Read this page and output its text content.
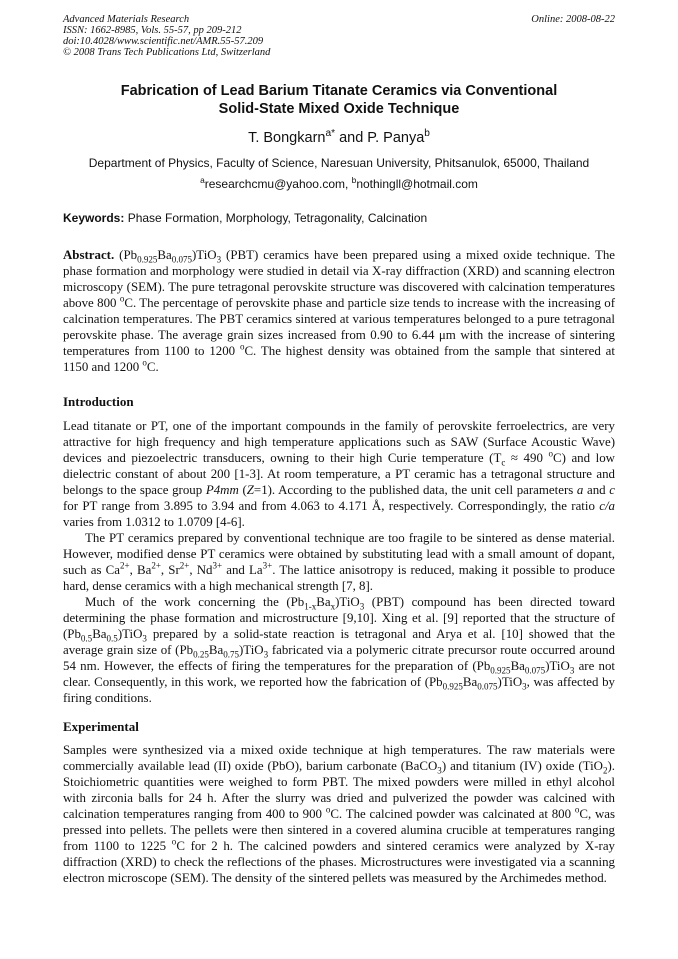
Advanced Materials Research
ISSN: 1662-8985, Vols. 55-57, pp 209-212
doi:10.4028/www.scientific.net/AMR.55-57.209
© 2008 Trans Tech Publications Ltd, Switzerland
Online: 2008-08-22
Fabrication of Lead Barium Titanate Ceramics via Conventional
Solid-State Mixed Oxide Technique
T. Bongkarn$^{a*}$ and P. Panya$^b$
Department of Physics, Faculty of Science, Naresuan University, Phitsanulok, 65000, Thailand
$^a$researchcmu@yahoo.com, $^b$nothingll@hotmail.com
Keywords: Phase Formation, Morphology, Tetragonality, Calcination

Abstract. $(Pb_{0.925}Ba_{0.075})TiO_3$ (PBT) ceramics have been prepared using a mixed oxide technique. The phase formation and morphology were studied in detail via X-ray diffraction (XRD) and scanning electron microscopy (SEM). The pure tetragonal perovskite structure was discovered with calcination temperatures above 800 $^o$C. The percentage of perovskite phase and particle size tends to increase with the increasing of calcination temperatures. The PBT ceramics sintered at various temperatures belonged to a pure tetragonal perovskite phase. The average grain sizes increased from 0.90 to 6.44 μm with the increase of sintering temperatures from 1100 to 1200 $^o$C. The highest density was obtained from the sample that sintered at 1150 and 1200 $^o$C.

Introduction

Lead titanate or PT, one of the important compounds in the family of perovskite ferroelectrics, are very attractive for high frequency and high temperature applications such as SAW (Surface Acoustic Wave) devices and piezoelectric transducers, owning to their high Curie temperature ($T_c \approx 490$ $^o$C) and low dielectric constant of about 200 [1-3]. At room temperature, a PT ceramic has a tetragonal structure and belongs to the space group P4mm (Z=1). According to the published data, the unit cell parameters a and c for PT range from 3.895 to 3.94 and from 4.063 to 4.171 Å, respectively. Correspondingly, the ratio c/a varies from 1.0312 to 1.0709 [4-6].

The PT ceramics prepared by conventional technique are too fragile to be sintered as dense material. However, modified dense PT ceramics were obtained by substituting lead with a small amount of dopant, such as $Ca^{2+}$, $Ba^{2+}$, $Sr^{2+}$, $Nd^{3+}$ and $La^{3+}$. The lattice anisotropy is reduced, making it possible to produce hard, dense ceramics with a high mechanical strength [7, 8].

Much of the work concerning the $(Pb_{1-x}Ba_x)TiO_3$ (PBT) compound has been directed toward determining the phase formation and microstructure [9,10]. Xing et al. [9] reported that the structure of $(Pb_{0.5}Ba_{0.5})TiO_3$ prepared by a solid-state reaction is tetragonal and Arya et al. [10] showed that the average grain size of $(Pb_{0.25}Ba_{0.75})TiO_3$ fabricated via a polymeric citrate precursor route occurred around 54 nm. However, the effects of firing the temperatures for the preparation of $(Pb_{0.925}Ba_{0.075})TiO_3$ are not clear. Consequently, in this work, we reported how the fabrication of $(Pb_{0.925}Ba_{0.075})TiO_3$, was affected by firing conditions.

Experimental

Samples were synthesized via a mixed oxide technique at high temperatures. The raw materials were commercially available lead (II) oxide (PbO), barium carbonate (BaCO$_3$) and titanium (IV) oxide (TiO$_2$). Stoichiometric quantities were weighed to form PBT. The mixed powders were milled in ethyl alcohol with zirconia balls for 24 h. After the slurry was dried and pulverized the powder was calcined with calcination temperatures ranging from 400 to 900 $^o$C. The calcined powder was calcinated at 800 $^o$C, was pressed into pellets. The pellets were then sintered in a covered alumina crucible at temperatures ranging from 1100 to 1225 $^o$C for 2 h. The calcined powders and sintered ceramics were analyzed by X-ray diffraction (XRD) to check the reflections of the phases. Microstructures were investigated via a scanning electron microscope (SEM). The density of the sintered pellets was measured by the Archimedes method.
